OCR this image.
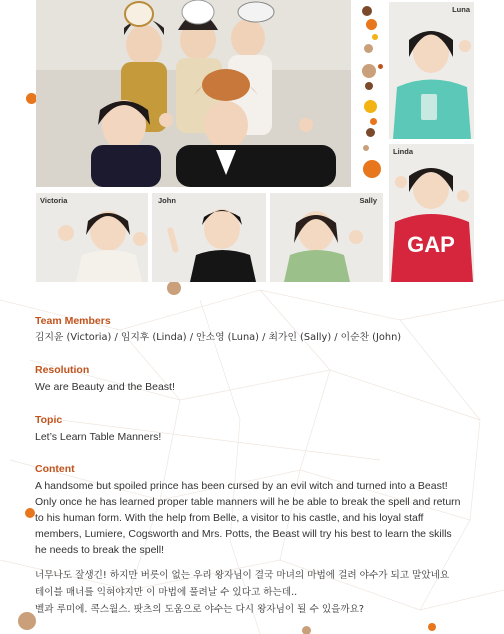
Luna
GAP
Linda
Victoria	John	Sally
Team Members

김지윤 (Victoria) / 임지후 (Linda) / 안소영 (Luna) / 최가인 (Sally) / 이순찬 (John)

Resolution

We are Beauty and the Beast!

Topic

Let’s Learn Table Manners!

Content

A handsome but spoiled prince has been cursed by an evil witch and turned into a Beast!

Only once he has learned proper table manners will he be able to break the spell and return

to his human form. With the help from Belle, a visitor to his castle, and his loyal staff

members, Lumiere, Cogsworth and Mrs. Potts, the Beast will try his best to learn the skills

he needs to break the spell!

너무나도 잘생긴! 하지만 버릇이 없는 우리 왕자님이 결국 마녀의 마법에 걸려 야수가 되고 말았네요

테이블 매너를 익혀야지만 이 마법에 풀려날 수 있다고 하는데..

벨과 루미에. 콕스월스. 팟츠의 도움으로 야수는 다시 왕자님이 될 수 있을까요?
